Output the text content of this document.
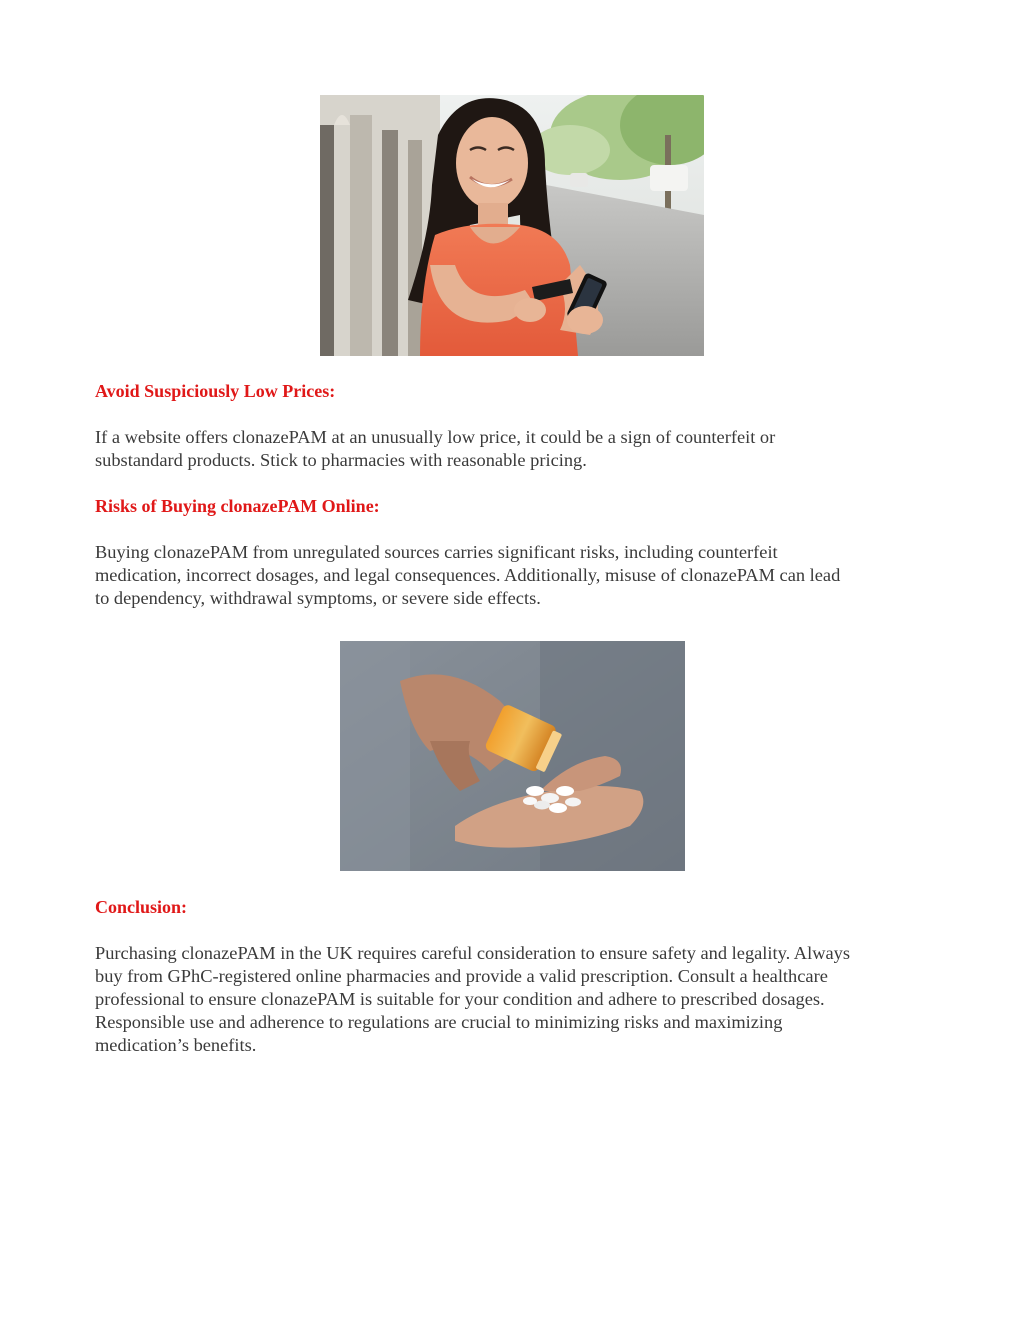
Avoid Suspiciously Low Prices:

If a website offers clonazePAM at an unusually low price, it could be a sign of counterfeit or
substandard products. Stick to pharmacies with reasonable pricing.

Risks of Buying clonazePAM Online:

Buying clonazePAM from unregulated sources carries significant risks, including counterfeit
medication, incorrect dosages, and legal consequences. Additionally, misuse of clonazePAM can lead
to dependency, withdrawal symptoms, or severe side effects.

Conclusion:

Purchasing clonazePAM in the UK requires careful consideration to ensure safety and legality. Always
buy from GPhC-registered online pharmacies and provide a valid prescription. Consult a healthcare
professional to ensure clonazePAM is suitable for your condition and adhere to prescribed dosages.
Responsible use and adherence to regulations are crucial to minimizing risks and maximizing
medication’s benefits.
